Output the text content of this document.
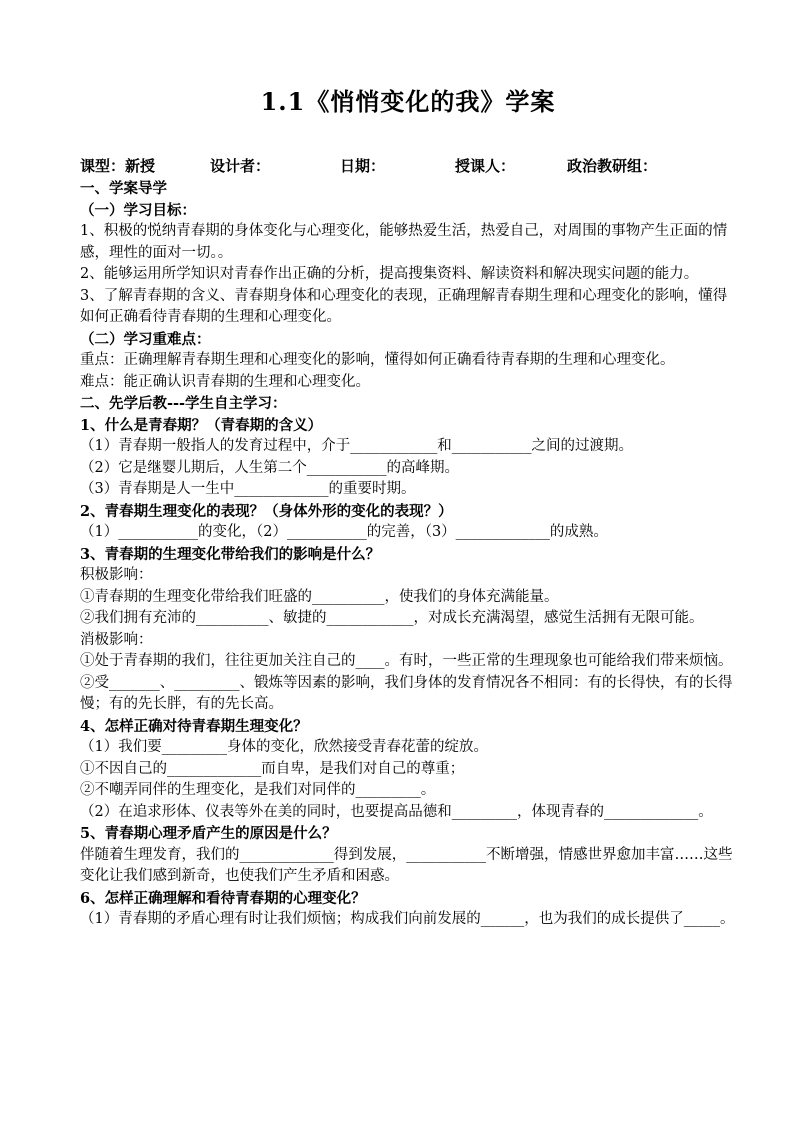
1.1《悄悄变化的我》学案
课型：新授	设计者：	日期：	授课人：	政治教研组：

一、学案导学

（一）学习目标：

1、积极的悦纳青春期的身体变化与心理变化，能够热爱生活，热爱自己，对周围的事物产生正面的情感，理性的面对一切。。

2、能够运用所学知识对青春作出正确的分析，提高搜集资料、解读资料和解决现实问题的能力。

3、了解青春期的含义、青春期身体和心理变化的表现，正确理解青春期生理和心理变化的影响，懂得如何正确看待青春期的生理和心理变化。

（二）学习重难点：

重点：正确理解青春期生理和心理变化的影响，懂得如何正确看待青春期的生理和心理变化。

难点：能正确认识青春期的生理和心理变化。

二、先学后教---学生自主学习：

1、什么是青春期？（青春期的含义）

（1）青春期一般指人的发育过程中，介于____________和___________之间的过渡期。

（2）它是继婴儿期后，人生第二个___________的高峰期。

（3）青春期是人一生中_____________的重要时期。

2、青春期生理变化的表现？（身体外形的变化的表现？）

（1）___________的变化，（2）___________的完善，（3）_____________的成熟。

3、青春期的生理变化带给我们的影响是什么？

积极影响：

①青春期的生理变化带给我们旺盛的__________，使我们的身体充满能量。

②我们拥有充沛的__________、敏捷的____________，对成长充满渴望，感觉生活拥有无限可能。

消极影响：

①处于青春期的我们，往往更加关注自己的____。有时，一些正常的生理现象也可能给我们带来烦恼。

②受_______、_________、锻炼等因素的影响，我们身体的发育情况各不相同：有的长得快，有的长得慢；有的先长胖，有的先长高。

4、怎样正确对待青春期生理变化？

（1）我们要_________身体的变化，欣然接受青春花蕾的绽放。

①不因自己的_____________而自卑，是我们对自己的尊重；

②不嘲弄同伴的生理变化，是我们对同伴的_________。

（2）在追求形体、仪表等外在美的同时，也要提高品德和_________，体现青春的_____________。

5、青春期心理矛盾产生的原因是什么？

伴随着生理发育，我们的_____________得到发展，___________不断增强，情感世界愈加丰富……这些变化让我们感到新奇，也使我们产生矛盾和困惑。

6、怎样正确理解和看待青春期的心理变化？

（1）青春期的矛盾心理有时让我们烦恼；构成我们向前发展的______，也为我们的成长提供了_____。
